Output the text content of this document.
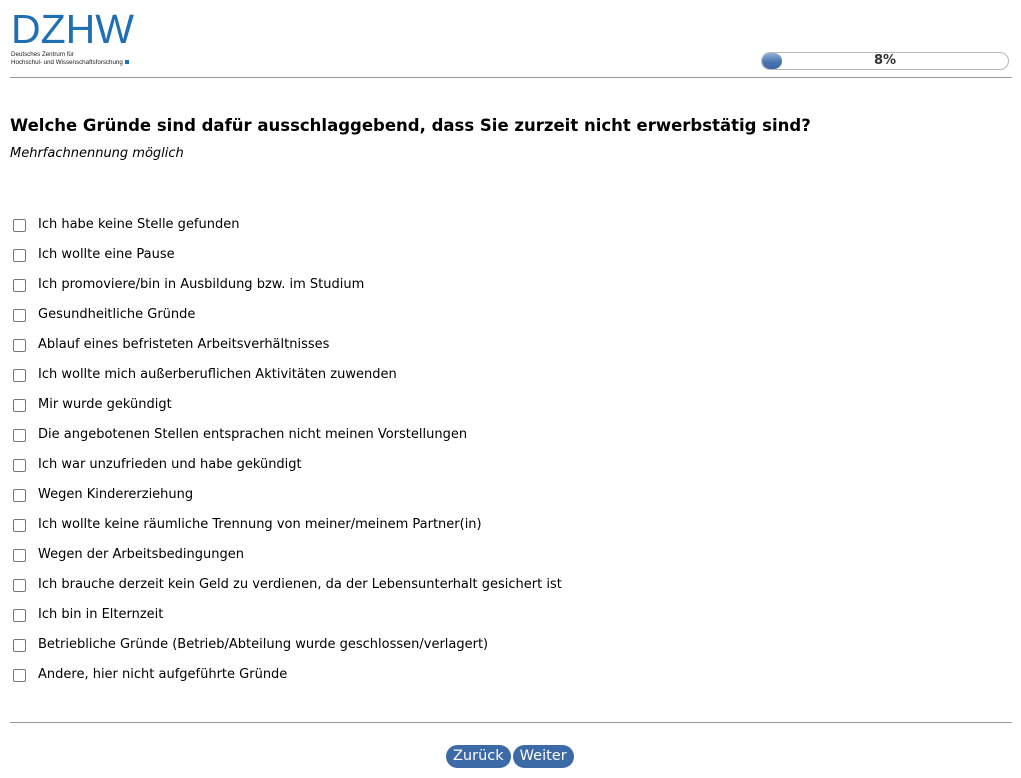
DZHW
Deutsches Zentrum für
Hochschul- und Wissenschaftsforschung	8%
Welche Gründe sind dafür ausschlaggebend, dass Sie zurzeit nicht erwerbstätig sind?

Mehrfachnennung möglich

Ich habe keine Stelle gefunden
Ich wollte eine Pause
Ich promoviere/bin in Ausbildung bzw. im Studium
Gesundheitliche Gründe
Ablauf eines befristeten Arbeitsverhältnisses
Ich wollte mich außerberuflichen Aktivitäten zuwenden
Mir wurde gekündigt
Die angebotenen Stellen entsprachen nicht meinen Vorstellungen
Ich war unzufrieden und habe gekündigt
Wegen Kindererziehung
Ich wollte keine räumliche Trennung von meiner/meinem Partner(in)
Wegen der Arbeitsbedingungen
Ich brauche derzeit kein Geld zu verdienen, da der Lebensunterhalt gesichert ist
Ich bin in Elternzeit
Betriebliche Gründe (Betrieb/Abteilung wurde geschlossen/verlagert)
Andere, hier nicht aufgeführte Gründe
Zurück	Weiter
